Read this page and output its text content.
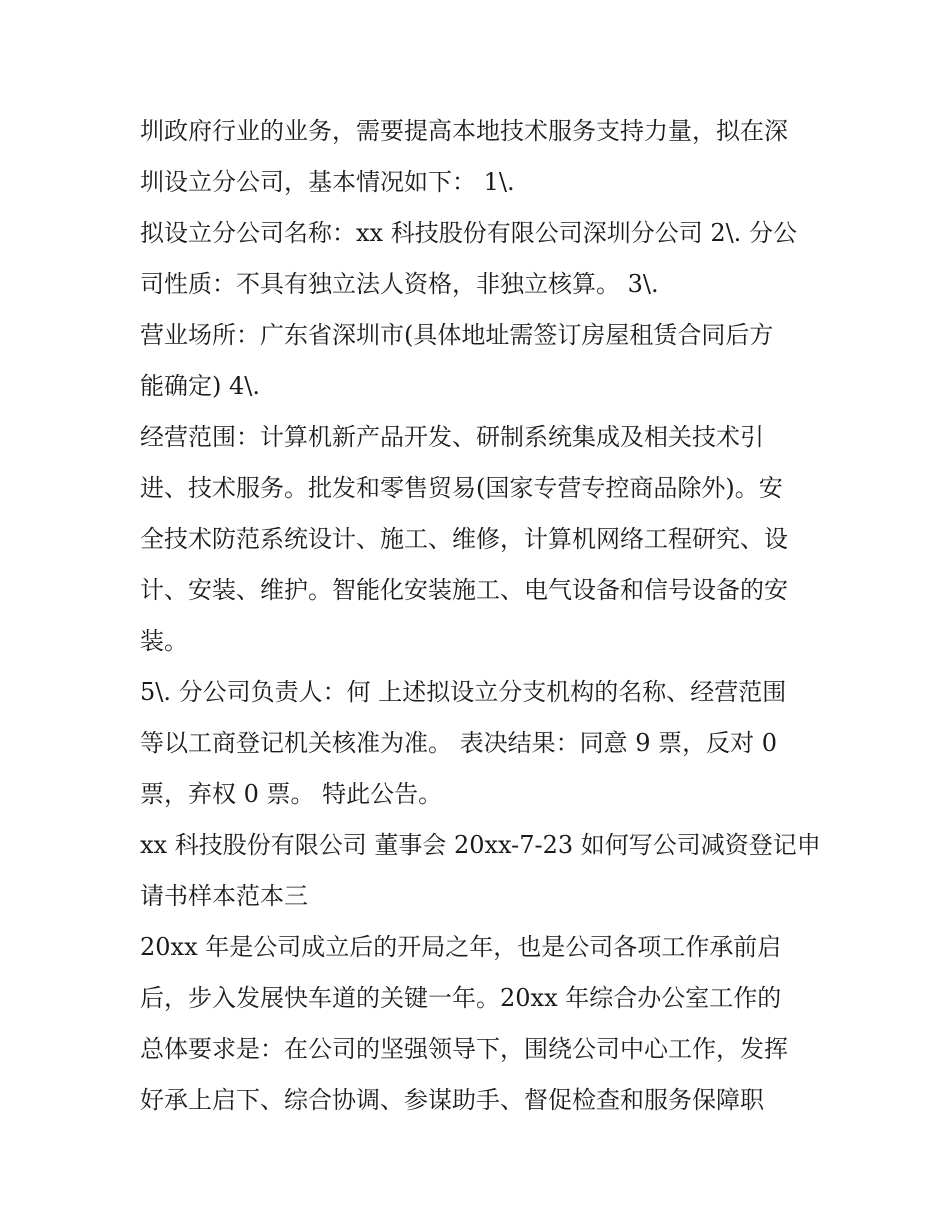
圳政府行业的业务，需要提高本地技术服务支持力量，拟在深
圳设立分公司，基本情况如下： 1\.
拟设立分公司名称：xx 科技股份有限公司深圳分公司 2\. 分公
司性质：不具有独立法人资格，非独立核算。 3\.
营业场所：广东省深圳市(具体地址需签订房屋租赁合同后方
能确定) 4\.
经营范围：计算机新产品开发、研制系统集成及相关技术引
进、技术服务。批发和零售贸易(国家专营专控商品除外)。安
全技术防范系统设计、施工、维修，计算机网络工程研究、设
计、安装、维护。智能化安装施工、电气设备和信号设备的安
装。
5\. 分公司负责人：何 上述拟设立分支机构的名称、经营范围
等以工商登记机关核准为准。 表决结果：同意 9 票，反对 0
票，弃权 0 票。 特此公告。
xx 科技股份有限公司 董事会 20xx-7-23 如何写公司减资登记申
请书样本范本三
20xx 年是公司成立后的开局之年，也是公司各项工作承前启
后，步入发展快车道的关键一年。20xx 年综合办公室工作的
总体要求是：在公司的坚强领导下，围绕公司中心工作，发挥
好承上启下、综合协调、参谋助手、督促检查和服务保障职
